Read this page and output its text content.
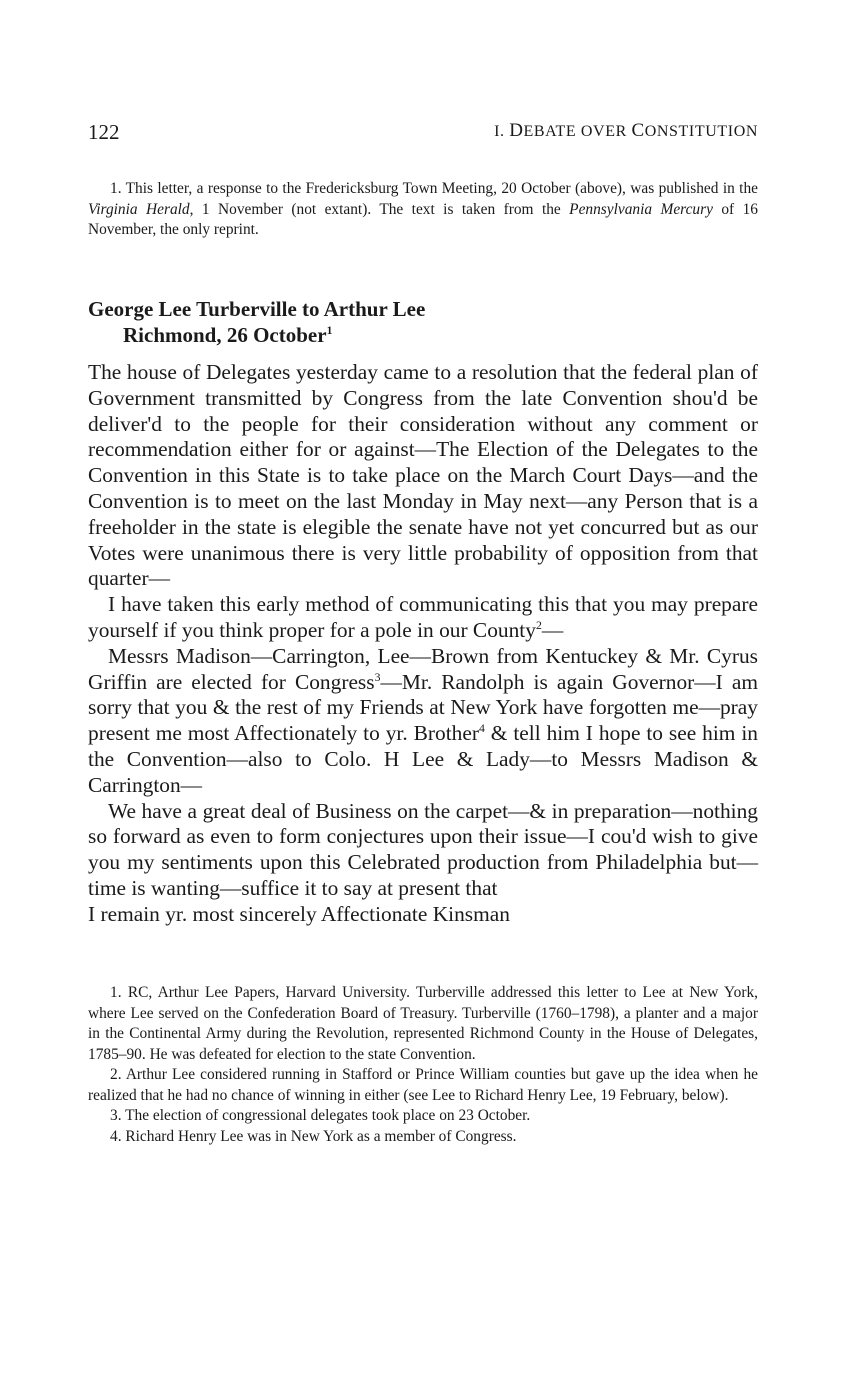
122	I. DEBATE OVER CONSTITUTION

1. This letter, a response to the Fredericksburg Town Meeting, 20 October (above), was published in the Virginia Herald, 1 November (not extant). The text is taken from the Pennsylvania Mercury of 16 November, the only reprint.

George Lee Turberville to Arthur Lee
Richmond, 26 October$^1$

The house of Delegates yesterday came to a resolution that the federal plan of Government transmitted by Congress from the late Convention shou'd be deliver'd to the people for their consideration without any comment or recommendation either for or against—The Election of the Delegates to the Convention in this State is to take place on the March Court Days—and the Convention is to meet on the last Monday in May next—any Person that is a freeholder in the state is elegible the senate have not yet concurred but as our Votes were unanimous there is very little probability of opposition from that quarter—

I have taken this early method of communicating this that you may prepare yourself if you think proper for a pole in our County$^2$—

Messrs Madison—Carrington, Lee—Brown from Kentuckey & Mr. Cyrus Griffin are elected for Congress$^3$—Mr. Randolph is again Governor—I am sorry that you & the rest of my Friends at New York have forgotten me—pray present me most Affectionately to yr. Brother$^4$ & tell him I hope to see him in the Convention—also to Colo. H Lee & Lady—to Messrs Madison & Carrington—

We have a great deal of Business on the carpet—& in preparation—nothing so forward as even to form conjectures upon their issue—I cou'd wish to give you my sentiments upon this Celebrated production from Philadelphia but—time is wanting—suffice it to say at present that

I remain yr. most sincerely Affectionate Kinsman

1. RC, Arthur Lee Papers, Harvard University. Turberville addressed this letter to Lee at New York, where Lee served on the Confederation Board of Treasury. Turberville (1760–1798), a planter and a major in the Continental Army during the Revolution, represented Richmond County in the House of Delegates, 1785–90. He was defeated for election to the state Convention.

2. Arthur Lee considered running in Stafford or Prince William counties but gave up the idea when he realized that he had no chance of winning in either (see Lee to Richard Henry Lee, 19 February, below).

3. The election of congressional delegates took place on 23 October.

4. Richard Henry Lee was in New York as a member of Congress.
